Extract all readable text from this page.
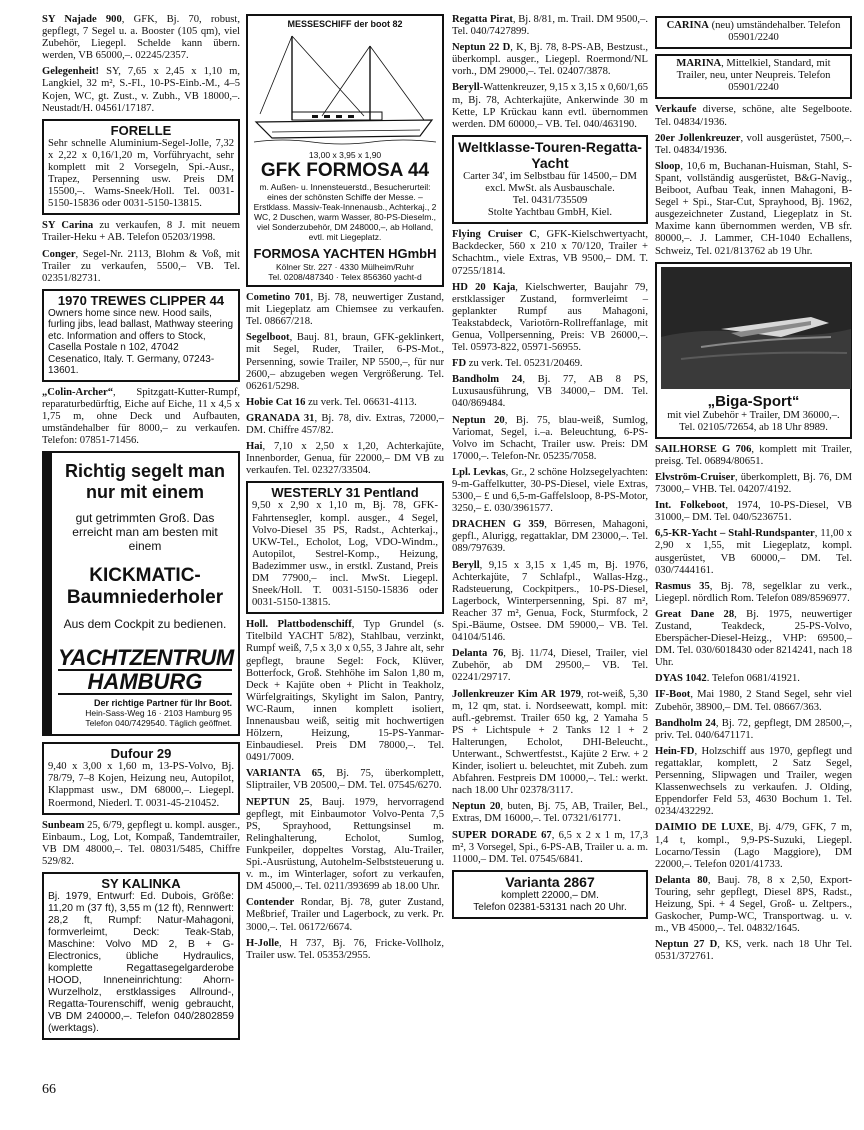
SY Najade 900, GFK, Bj. 70, robust, gepflegt, 7 Segel u. a. Booster (105 qm), viel Zubehör, Liegepl. Schelde kann übern. werden, VB 65000,–. 02245/2357.

Gelegenheit! SY, 7,65 x 2,45 x 1,10 m, Langkiel, 32 m², S.-Fl., 10-PS-Einb.-M., 4–5 Kojen, WC, gt. Zust., v. Zubh., VB 18000,–. Neustadt/H. 04561/17187.

FORELLE
Sehr schnelle Aluminium-Segel-Jolle, 7,32 x 2,22 x 0,16/1,20 m, Vorführyacht, sehr komplett mit 2 Vorsegeln, Spi.-Ausr., Trapez, Persenning usw. Preis DM 15500,–. Wams-Sneek/Holl. Tel. 0031-5150-15836 oder 0031-5150-13815.

SY Carina zu verkaufen, 8 J. mit neuem Trailer-Heku + AB. Telefon 05203/1998.

Conger, Segel-Nr. 2113, Blohm & Voß, mit Trailer zu verkaufen, 5500,– VB. Tel. 02351/82731.

1970 TREWES CLIPPER 44
Owners home since new. Hood sails, furling jibs, lead ballast, Mathway steering etc. Information and offers to Stock, Casella Postale n 102, 47042 Cesenatico, Italy. T. Germany, 07243-13601.

„Colin-Archer“, Spitzgatt-Kutter-Rumpf, reparaturbedürftig, Eiche auf Eiche, 11 x 4,5 x 1,75 m, ohne Deck und Aufbauten, umständehalber für 8000,– zu verkaufen. Telefon: 07851-71456.

Richtig segelt man nur mit einem
gut getrimmten Groß. Das erreicht man am besten mit einem
KICKMATIC-Baumniederholer
Aus dem Cockpit zu bedienen.
YACHTZENTRUM
HAMBURG
Der richtige Partner für Ihr Boot.
Hein-Sass-Weg 16 · 2103 Hamburg 95
Telefon 040/7429540. Täglich geöffnet.
Dufour 29
9,40 x 3,00 x 1,60 m, 13-PS-Volvo, Bj. 78/79, 7–8 Kojen, Heizung neu, Autopilot, Klappmast usw., DM 68000,–. Liegepl. Roermond, Niederl. T. 0031-45-210452.

Sunbeam 25, 6/79, gepflegt u. kompl. ausger., Einbaum., Log, Lot, Kompaß, Tandemtrailer, VB DM 48000,–. Tel. 08031/5485, Chiffre 529/82.

SY KALINKA
Bj. 1979, Entwurf: Ed. Dubois, Größe: 11,20 m (37 ft), 3,55 m (12 ft), Rennwert: 28,2 ft, Rumpf: Natur-Mahagoni, formverleimt, Deck: Teak-Stab, Maschine: Volvo MD 2, B + G-Electronics, übliche Hydraulics, komplette Regattasegelgarderobe HOOD, Inneneinrichtung: Ahorn-Wurzelholz, erstklassiges Allround-, Regatta-Tourenschiff, wenig gebraucht, VB DM 240000,–. Telefon 040/2802859 (werktags).
MESSESCHIFF der boot 82
13,00 x 3,95 x 1,90
GFK FORMOSA 44
m. Außen- u. Innensteuerstd., Besucherurteil: eines der schönsten Schiffe der Messe. – Erstklass. Massiv-Teak-Innenausb., Achterkaj., 2 WC, 2 Duschen, warm Wasser, 80-PS-Dieselm., viel Sonderzubehör, DM 248000,–, ab Holland, evtl. mit Liegeplatz.
FORMOSA YACHTEN HGmbH
Kölner Str. 227 · 4330 Mülheim/Ruhr
Tel. 0208/487340 · Telex 856360 yacht-d

Cometino 701, Bj. 78, neuwertiger Zustand, mit Liegeplatz am Chiemsee zu verkaufen. Tel. 08667/218.

Segelboot, Bauj. 81, braun, GFK-geklinkert, mit Segel, Ruder, Trailer, 6-PS-Mot., Persenning, sowie Trailer, NP 5500,–, für nur 2600,– abzugeben wegen Vergrößerung. Tel. 06261/5298.

Hobie Cat 16 zu verk. Tel. 06631-4113.

GRANADA 31, Bj. 78, div. Extras, 72000,– DM. Chiffre 457/82.

Hai, 7,10 x 2,50 x 1,20, Achterkajüte, Innenborder, Genua, für 22000,– DM VB zu verkaufen. Tel. 02327/33504.

WESTERLY 31 Pentland
9,50 x 2,90 x 1,10 m, Bj. 78, GFK-Fahrtensegler, kompl. ausger., 4 Segel, Volvo-Diesel 35 PS, Radst., Achterkaj., UKW-Tel., Echolot, Log, VDO-Windm., Autopilot, Sestrel-Komp., Heizung, Badezimmer usw., in erstkl. Zustand, Preis DM 77900,– incl. MwSt. Liegepl. Sneek/Holl. T. 0031-5150-15836 oder 0031-5150-13815.

Holl. Plattbodenschiff, Typ Grundel (s. Titelbild YACHT 5/82), Stahlbau, verzinkt, Rumpf weiß, 7,5 x 3,0 x 0,55, 3 Jahre alt, sehr gepflegt, braune Segel: Fock, Klüver, Botterfock, Groß. Stehhöhe im Salon 1,80 m, Deck + Kajüte oben + Plicht in Teakholz, Würfelgraitings, Skylight im Salon, Pantry, WC-Raum, innen komplett isoliert, Innenausbau weiß, seitig mit hochwertigen Hölzern, Heizung, 15-PS-Yanmar-Einbaudiesel. Preis DM 78000,–. Tel. 0491/7009.

VARIANTA 65, Bj. 75, überkomplett, Sliptrailer, VB 20500,– DM. Tel. 07545/6270.

NEPTUN 25, Bauj. 1979, hervorragend gepflegt, mit Einbaumotor Volvo-Penta 7,5 PS, Sprayhood, Rettungsinsel m. Relinghalterung, Echolot, Sumlog, Funkpeiler, doppeltes Vorstag, Alu-Trailer, Spi.-Ausrüstung, Autohelm-Selbststeuerung u. v. m., im Winterlager, sofort zu verkaufen, DM 45000,–. Tel. 0211/393699 ab 18.00 Uhr.

Contender Rondar, Bj. 78, guter Zustand, Meßbrief, Trailer und Lagerbock, zu verk. Pr. 3000,–. Tel. 06172/6674.

H-Jolle, H 737, Bj. 76, Fricke-Vollholz, Trailer usw. Tel. 05353/2955.

Regatta Pirat, Bj. 8/81, m. Trail. DM 9500,–. Tel. 040/7427899.

Neptun 22 D, K, Bj. 78, 8-PS-AB, Bestzust., überkompl. ausger., Liegepl. Roermond/NL vorh., DM 29000,–. Tel. 02407/3878.

Beryll-Wattenkreuzer, 9,15 x 3,15 x 0,60/1,65 m, Bj. 78, Achterkajüte, Ankerwinde 30 m Kette, LP Krückau kann evtl. übernommen werden. DM 60000,– VB. Tel. 040/463190.

Weltklasse-Touren-Regatta-Yacht
Carter 34', im Selbstbau für 14500,– DM excl. MwSt. als Ausbauschale.
Tel. 0431/735509
Stolte Yachtbau GmbH, Kiel.

Flying Cruiser C, GFK-Kielschwertyacht, Backdecker, 560 x 210 x 70/120, Trailer + Schachtm., viele Extras, VB 9500,– DM. T. 07255/1814.

HD 20 Kaja, Kielschwerter, Baujahr 79, erstklassiger Zustand, formverleimt – geplankter Rumpf aus Mahagoni, Teakstabdeck, Variotörn-Rollreffanlage, mit Genua, Vollpersenning, Preis: VB 26000,–. Tel. 05973-822, 05971-56955.

FD zu verk. Tel. 05231/20469.

Bandholm 24, Bj. 77, AB 8 PS, Luxusausführung, VB 34000,– DM. Tel. 040/869484.

Neptun 20, Bj. 75, blau-weiß, Sumlog, Variomat, Segel, i.–a. Beleuchtung, 6-PS-Volvo im Schacht, Trailer usw. Preis: DM 17000,–. Telefon-Nr. 05235/7058.

Lpl. Levkas, Gr., 2 schöne Holzsegelyachten: 9-m-Gaffelkutter, 30-PS-Diesel, viele Extras, 5300,– £ und 6,5-m-Gaffelsloop, 8-PS-Motor, 3250,– £. 030/3961577.

DRACHEN G 359, Börresen, Mahagoni, gepfl., Alurigg, regattaklar, DM 23000,–. Tel. 089/797639.

Beryll, 9,15 x 3,15 x 1,45 m, Bj. 1976, Achterkajüte, 7 Schlafpl., Wallas-Hzg., Radsteuerung, Cockpitpers., 10-PS-Diesel, Lagerbock, Winterpersenning, Spi. 87 m², Reacher 37 m², Genua, Fock, Sturmfock, 2 Spi.-Bäume, Ostsee. DM 59000,– VB. Tel. 04104/5146.

Delanta 76, Bj. 11/74, Diesel, Trailer, viel Zubehör, ab DM 29500,– VB. Tel. 02241/29717.

Jollenkreuzer Kim AR 1979, rot-weiß, 5,30 m, 12 qm, stat. i. Nordseewatt, kompl. mit: aufl.-gebremst. Trailer 650 kg, 2 Yamaha 5 PS + Lichtspule + 2 Tanks 12 l + 2 Halterungen, Echolot, DHI-Beleucht., Unterwant., Schwertfestst., Kajüte 2 Erw. + 2 Kinder, isoliert u. beleuchtet, mit Zubeh. zum Abfahren. Festpreis DM 10000,–. Tel.: werkt. nach 18.00 Uhr 02378/3117.

Neptun 20, buten, Bj. 75, AB, Trailer, Bel., Extras, DM 16000,–. Tel. 07321/61771.

SUPER DORADE 67, 6,5 x 2 x 1 m, 17,3 m², 3 Vorsegel, Spi., 6-PS-AB, Trailer u. a. m. 11000,– DM. Tel. 07545/6841.

Varianta 2867
komplett 22000,– DM.
Telefon 02381-53131 nach 20 Uhr.
CARINA (neu) umständehalber. Telefon 05901/2240
MARINA, Mittelkiel, Standard, mit Trailer, neu, unter Neupreis. Telefon 05901/2240

Verkaufe diverse, schöne, alte Segelboote. Tel. 04834/1936.

20er Jollenkreuzer, voll ausgerüstet, 7500,–. Tel. 04834/1936.

Sloop, 10,6 m, Buchanan-Huisman, Stahl, S-Spant, vollständig ausgerüstet, B&G-Navig., Beiboot, Aufbau Teak, innen Mahagoni, B-Segel + Spi., Star-Cut, Sprayhood, Bj. 1962, ausgezeichneter Zustand, Liegeplatz in St. Maxime kann übernommen werden, VB sfr. 80000,–. J. Lammer, CH-1040 Echallens, Schweiz, Tel. 021/813762 ab 19 Uhr.

„Biga-Sport“
mit viel Zubehör + Trailer, DM 36000,–. Tel. 02105/72654, ab 18 Uhr 8989.

SAILHORSE G 706, komplett mit Trailer, preisg. Tel. 06894/80651.

Elvström-Cruiser, überkomplett, Bj. 76, DM 73000,– VHB. Tel. 04207/4192.

Int. Folkeboot, 1974, 10-PS-Diesel, VB 31000,– DM. Tel. 040/5236751.

6,5-KR-Yacht – Stahl-Rundspanter, 11,00 x 2,90 x 1,55, mit Liegeplatz, kompl. ausgerüstet, VB 60000,– DM. Tel. 030/7444161.

Rasmus 35, Bj. 78, segelklar zu verk., Liegepl. nördlich Rom. Telefon 089/8596977.

Great Dane 28, Bj. 1975, neuwertiger Zustand, Teakdeck, 25-PS-Volvo, Eberspächer-Diesel-Heizg., VHP: 69500,– DM. Tel. 030/6018430 oder 8214241, nach 18 Uhr.

DYAS 1042. Telefon 0681/41921.

IF-Boot, Mai 1980, 2 Stand Segel, sehr viel Zubehör, 38900,– DM. Tel. 08667/363.

Bandholm 24, Bj. 72, gepflegt, DM 28500,–, priv. Tel. 040/6471171.

Hein-FD, Holzschiff aus 1970, gepflegt und regattaklar, komplett, 2 Satz Segel, Persenning, Slipwagen und Trailer, wegen Klassenwechsels zu verkaufen. J. Olding, Eppendorfer Feld 53, 4630 Bochum 1. Tel. 0234/432292.

DAIMIO DE LUXE, Bj. 4/79, GFK, 7 m, 1,4 t, kompl., 9,9-PS-Suzuki, Liegepl. Locarno/Tessin (Lago Maggiore), DM 22000,–. Telefon 0201/41733.

Delanta 80, Bauj. 78, 8 x 2,50, Export-Touring, sehr gepflegt, Diesel 8PS, Radst., Heizung, Spi. + 4 Segel, Groß- u. Zeltpers., Gaskocher, Pump-WC, Transportwag. u. v. m., VB 45000,–. Tel. 04832/1645.

Neptun 27 D, KS, verk. nach 18 Uhr Tel. 0531/372761.

66
